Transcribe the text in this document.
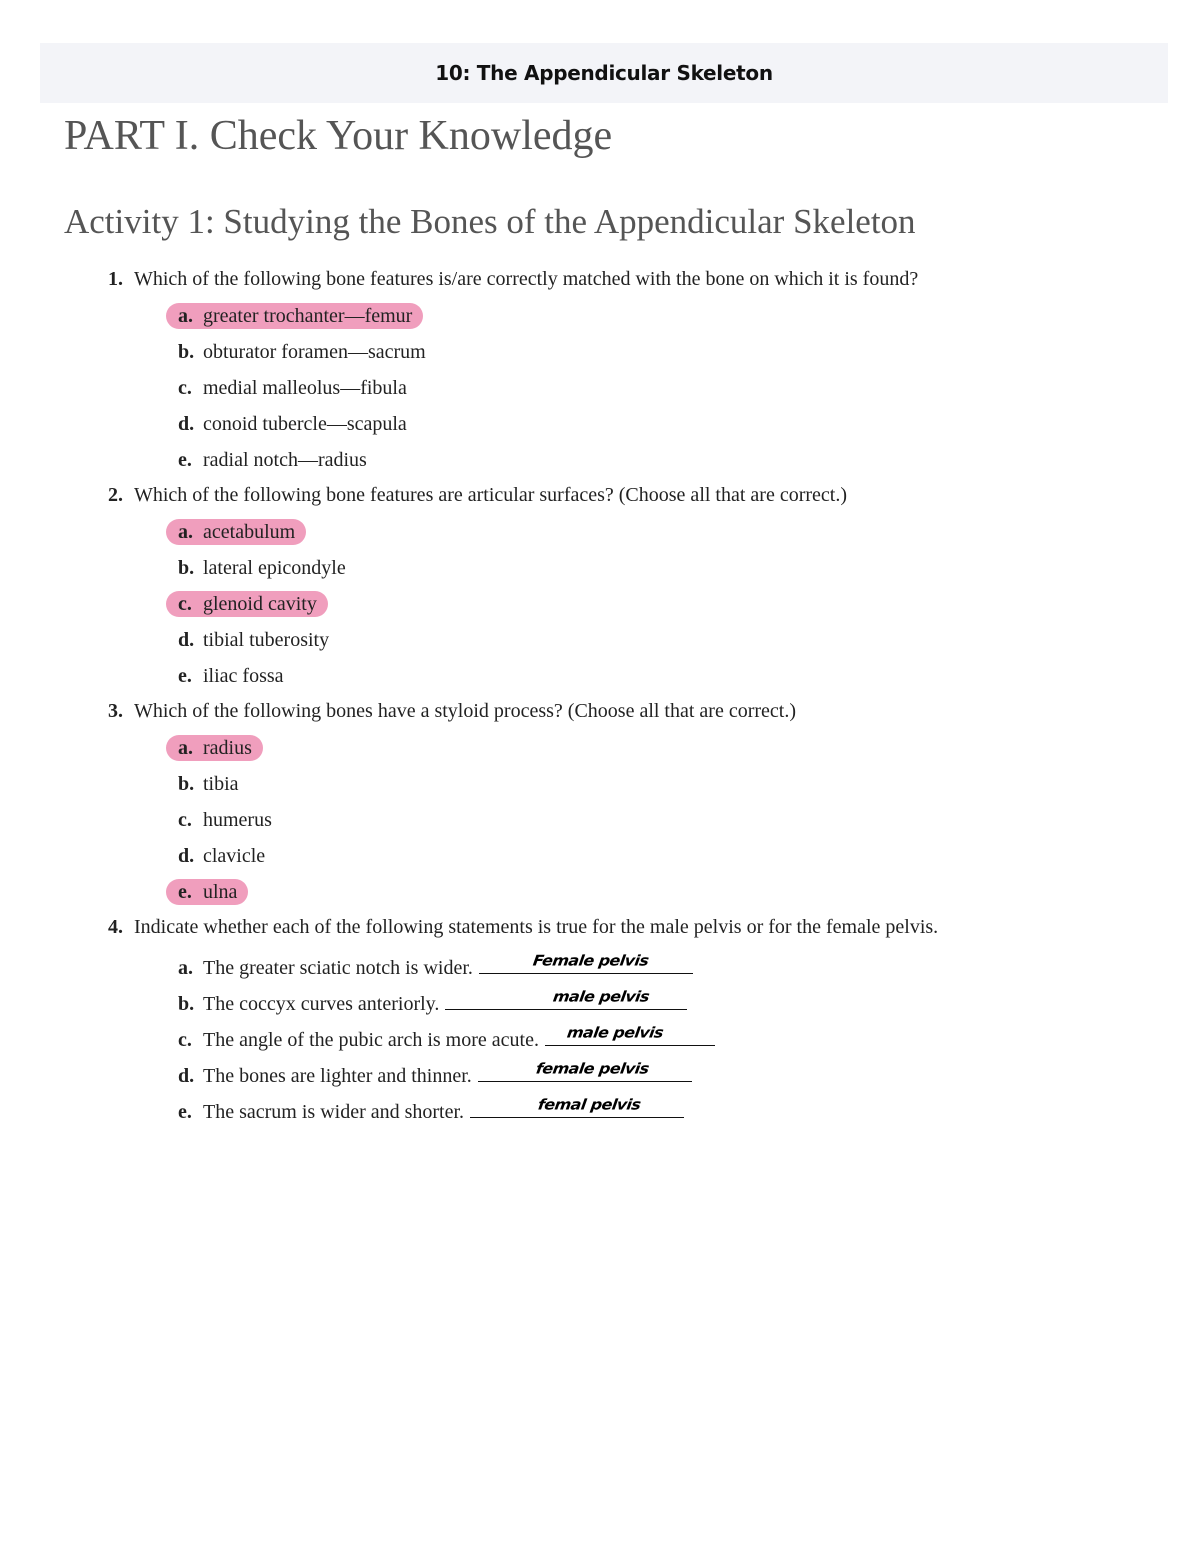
10: The Appendicular Skeleton
PART I. Check Your Knowledge
Activity 1: Studying the Bones of the Appendicular Skeleton
1. Which of the following bone features is/are correctly matched with the bone on which it is found?
a. greater trochanter—femur
b. obturator foramen—sacrum
c. medial malleolus—fibula
d. conoid tubercle—scapula
e. radial notch—radius
2. Which of the following bone features are articular surfaces? (Choose all that are correct.)
a. acetabulum
b. lateral epicondyle
c. glenoid cavity
d. tibial tuberosity
e. iliac fossa
3. Which of the following bones have a styloid process? (Choose all that are correct.)
a. radius
b. tibia
c. humerus
d. clavicle
e. ulna
4. Indicate whether each of the following statements is true for the male pelvis or for the female pelvis.
a. The greater sciatic notch is wider.	Female pelvis
b. The coccyx curves anteriorly.	male pelvis
c. The angle of the pubic arch is more acute. male pelvis
d. The bones are lighter and thinner.	female pelvis
e. The sacrum is wider and shorter.	femal pelvis
